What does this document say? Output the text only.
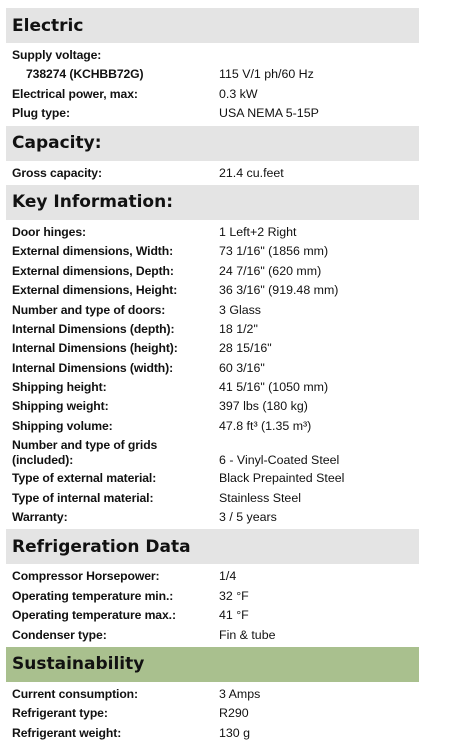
Electric
Supply voltage:
738274 (KCHBB72G)	115 V/1 ph/60 Hz
Electrical power, max:	0.3 kW
Plug type:	USA NEMA 5-15P
Capacity:
Gross capacity:	21.4 cu.feet
Key Information:
Door hinges:	1 Left+2 Right
External dimensions, Width:	73 1/16" (1856 mm)
External dimensions, Depth:	24 7/16" (620 mm)
External dimensions, Height:	36 3/16" (919.48 mm)
Number and type of doors:	3 Glass
Internal Dimensions (depth):	18 1/2"
Internal Dimensions (height):	28 15/16"
Internal Dimensions (width):	60 3/16"
Shipping height:	41 5/16" (1050 mm)
Shipping weight:	397 lbs (180 kg)
Shipping volume:	47.8 ft³ (1.35 m³)
Number and type of grids
(included):	6 - Vinyl-Coated Steel
Type of external material:	Black Prepainted Steel
Type of internal material:	Stainless Steel
Warranty:	3 / 5 years
Refrigeration Data
Compressor Horsepower:	1/4
Operating temperature min.:	32 °F
Operating temperature max.:	41 °F
Condenser type:	Fin & tube
Sustainability
Current consumption:	3 Amps
Refrigerant type:	R290
Refrigerant weight:	130 g
